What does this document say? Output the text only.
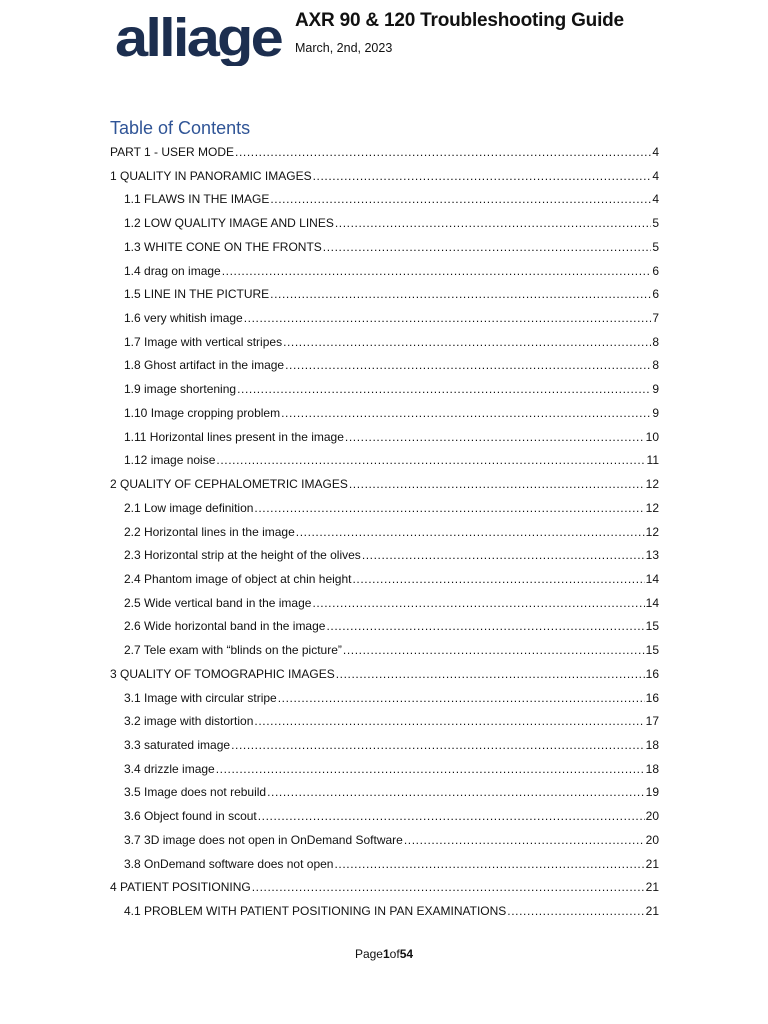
alliage AXR 90 & 120 Troubleshooting Guide
March, 2nd, 2023
Table of Contents
PART 1 - USER MODE .....	4
1 QUALITY IN PANORAMIC IMAGES .....	4
1.1 FLAWS IN THE IMAGE .....	4
1.2 LOW QUALITY IMAGE AND LINES .....	5
1.3 WHITE CONE ON THE FRONTS .....	5
1.4 drag on image .....	6
1.5 LINE IN THE PICTURE .....	6
1.6 very whitish image .....	7
1.7 Image with vertical stripes .....	8
1.8 Ghost artifact in the image .....	8
1.9 image shortening .....	9
1.10 Image cropping problem .....	9
1.11 Horizontal lines present in the image .....	10
1.12 image noise .....	11
2 QUALITY OF CEPHALOMETRIC IMAGES .....	12
2.1 Low image definition .....	12
2.2 Horizontal lines in the image .....	12
2.3 Horizontal strip at the height of the olives .....	13
2.4 Phantom image of object at chin height .....	14
2.5 Wide vertical band in the image .....	14
2.6 Wide horizontal band in the image .....	15
2.7 Tele exam with “blinds on the picture” .....	15
3 QUALITY OF TOMOGRAPHIC IMAGES .....	16
3.1 Image with circular stripe .....	16
3.2 image with distortion .....	17
3.3 saturated image .....	18
3.4 drizzle image .....	18
3.5 Image does not rebuild .....	19
3.6 Object found in scout .....	20
3.7 3D image does not open in OnDemand Software .....	20
3.8 OnDemand software does not open .....	21
4 PATIENT POSITIONING .....	21
4.1 PROBLEM WITH PATIENT POSITIONING IN PAN EXAMINATIONS .....	21
Page1of54
